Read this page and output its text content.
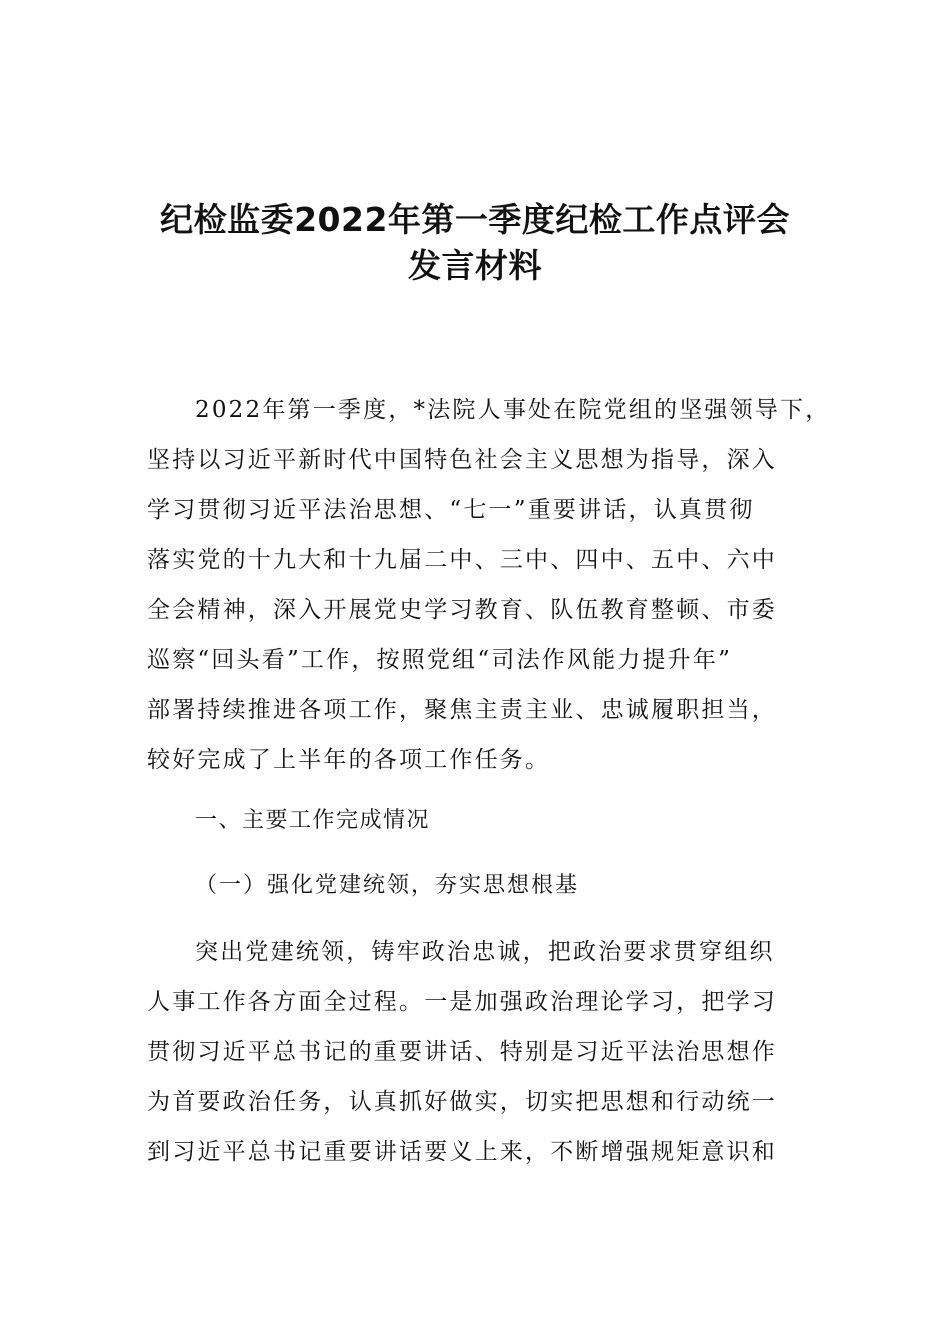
纪检监委2022年第一季度纪检工作点评会
发言材料
2022年第一季度，*法院人事处在院党组的坚强领导下，
坚持以习近平新时代中国特色社会主义思想为指导，深入
学习贯彻习近平法治思想、“七一”重要讲话，认真贯彻
落实党的十九大和十九届二中、三中、四中、五中、六中
全会精神，深入开展党史学习教育、队伍教育整顿、市委
巡察“回头看”工作，按照党组“司法作风能力提升年”
部署持续推进各项工作，聚焦主责主业、忠诚履职担当，
较好完成了上半年的各项工作任务。
一、主要工作完成情况
（一）强化党建统领，夯实思想根基
突出党建统领，铸牢政治忠诚，把政治要求贯穿组织
人事工作各方面全过程。一是加强政治理论学习，把学习
贯彻习近平总书记的重要讲话、特别是习近平法治思想作
为首要政治任务，认真抓好做实，切实把思想和行动统一
到习近平总书记重要讲话要义上来，不断增强规矩意识和
